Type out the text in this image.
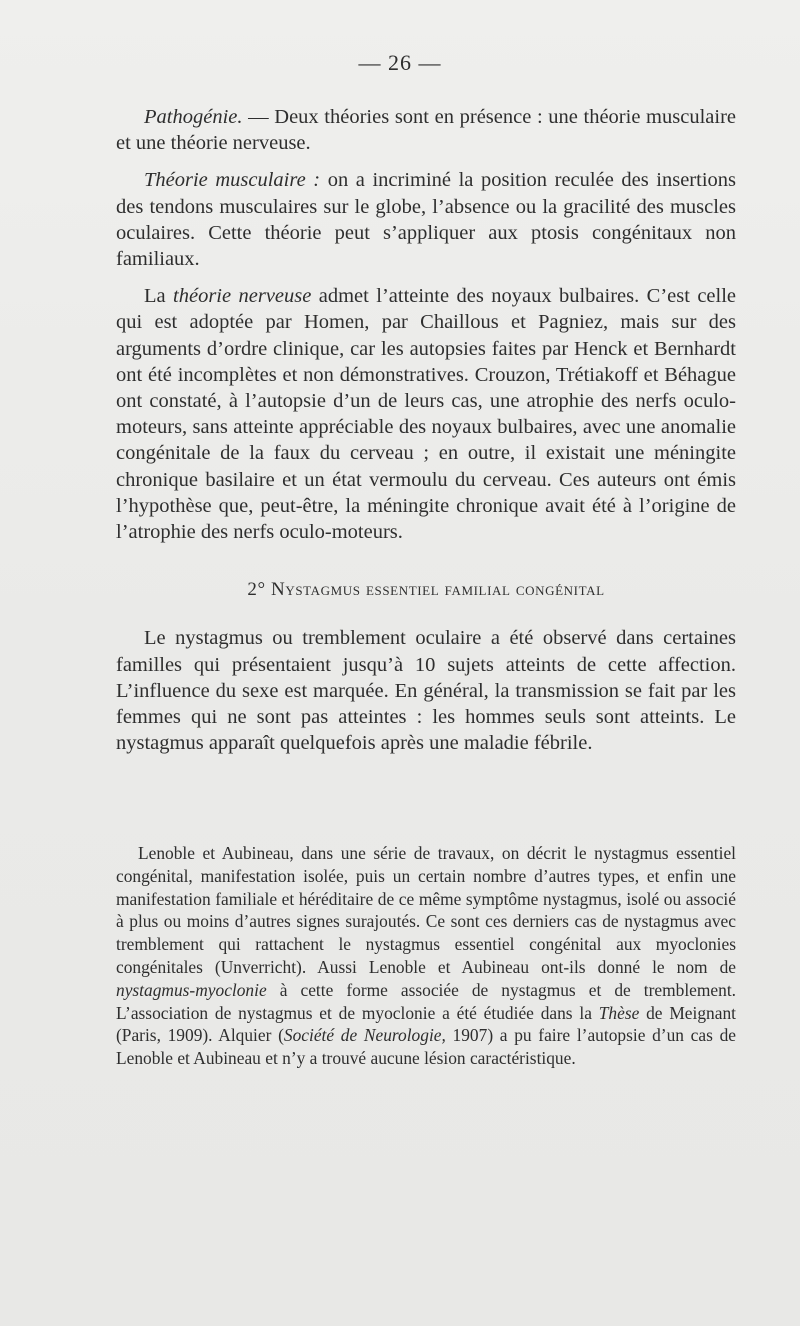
— 26 —

Pathogénie. — Deux théories sont en présence : une théorie musculaire et une théorie nerveuse.

Théorie musculaire : on a incriminé la position reculée des insertions des tendons musculaires sur le globe, l’absence ou la gracilité des muscles oculaires. Cette théorie peut s’appliquer aux ptosis congénitaux non familiaux.

La théorie nerveuse admet l’atteinte des noyaux bulbaires. C’est celle qui est adoptée par Homen, par Chaillous et Pagniez, mais sur des arguments d’ordre clinique, car les autopsies faites par Henck et Bernhardt ont été incomplètes et non démonstratives. Crouzon, Trétiakoff et Béhague ont constaté, à l’autopsie d’un de leurs cas, une atrophie des nerfs oculo-moteurs, sans atteinte appréciable des noyaux bulbaires, avec une anomalie congénitale de la faux du cerveau ; en outre, il existait une méningite chronique basilaire et un état vermoulu du cerveau. Ces auteurs ont émis l’hypothèse que, peut-être, la méningite chronique avait été à l’origine de l’atrophie des nerfs oculo-moteurs.

2° Nystagmus essentiel familial congénital

Le nystagmus ou tremblement oculaire a été observé dans certaines familles qui présentaient jusqu’à 10 sujets atteints de cette affection. L’influence du sexe est marquée. En général, la transmission se fait par les femmes qui ne sont pas atteintes : les hommes seuls sont atteints. Le nystagmus apparaît quelquefois après une maladie fébrile.

Lenoble et Aubineau, dans une série de travaux, on décrit le nystagmus essentiel congénital, manifestation isolée, puis un certain nombre d’autres types, et enfin une manifestation familiale et héréditaire de ce même symptôme nystagmus, isolé ou associé à plus ou moins d’autres signes surajoutés. Ce sont ces derniers cas de nystagmus avec tremblement qui rattachent le nystagmus essentiel congénital aux myoclonies congénitales (Unverricht). Aussi Lenoble et Aubineau ont-ils donné le nom de nystagmus-myoclonie à cette forme associée de nystagmus et de tremblement. L’association de nystagmus et de myoclonie a été étudiée dans la Thèse de Meignant (Paris, 1909). Alquier (Société de Neurologie, 1907) a pu faire l’autopsie d’un cas de Lenoble et Aubineau et n’y a trouvé aucune lésion caractéristique.
